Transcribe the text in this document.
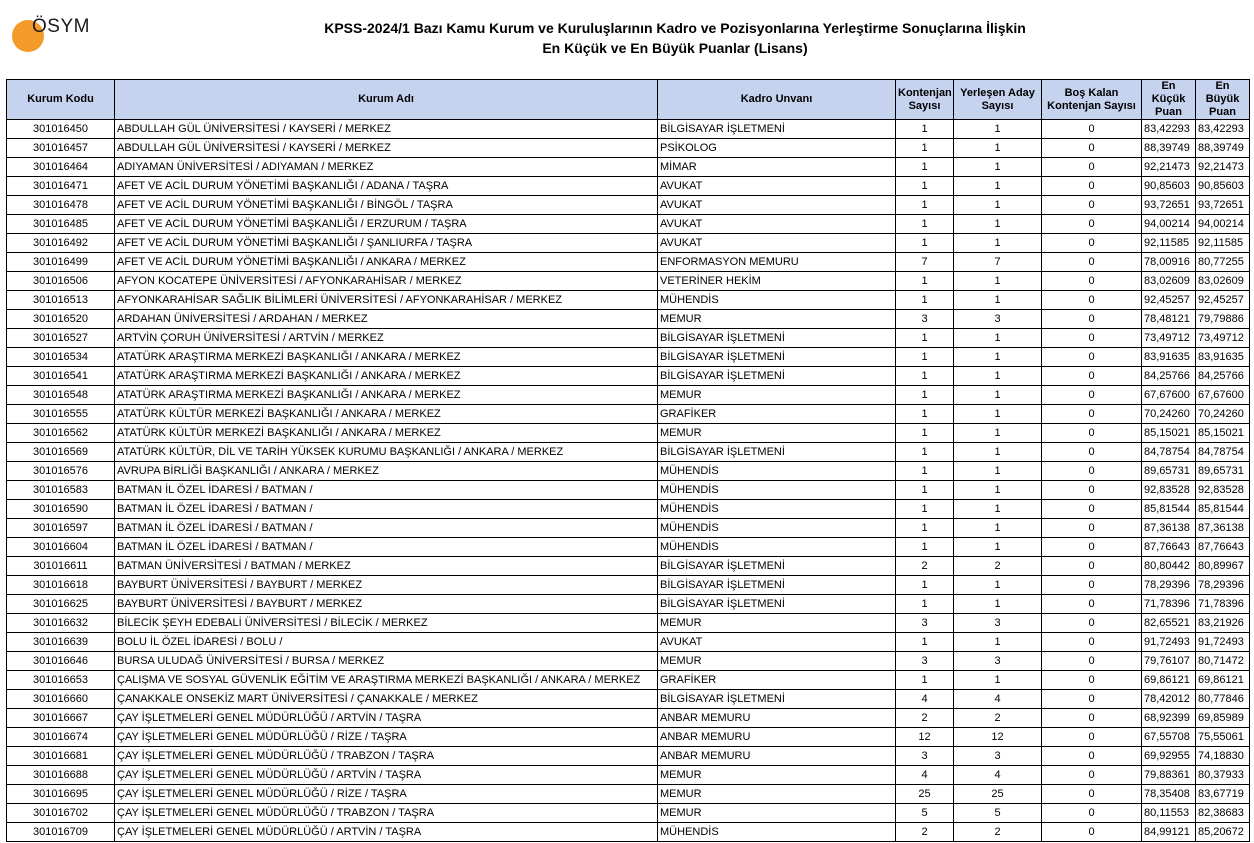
ÖSYM	KPSS-2024/1 Bazı Kamu Kurum ve Kuruluşlarının Kadro ve Pozisyonlarına Yerleştirme Sonuçlarına İlişkin
En Küçük ve En Büyük Puanlar (Lisans)
Kurum Kodu	Kurum Adı	Kadro Unvanı	Kontenjan Sayısı	Yerleşen Aday Sayısı	Boş Kalan Kontenjan Sayısı	En Küçük Puan	En Büyük Puan
301016450	ABDULLAH GÜL ÜNİVERSİTESİ / KAYSERİ / MERKEZ	BİLGİSAYAR İŞLETMENİ	1	1	0	83,42293	83,42293
301016457	ABDULLAH GÜL ÜNİVERSİTESİ / KAYSERİ / MERKEZ	PSİKOLOG	1	1	0	88,39749	88,39749
301016464	ADIYAMAN ÜNİVERSİTESİ / ADIYAMAN / MERKEZ	MİMAR	1	1	0	92,21473	92,21473
301016471	AFET VE ACİL DURUM YÖNETİMİ BAŞKANLIĞI / ADANA / TAŞRA	AVUKAT	1	1	0	90,85603	90,85603
301016478	AFET VE ACİL DURUM YÖNETİMİ BAŞKANLIĞI / BİNGÖL / TAŞRA	AVUKAT	1	1	0	93,72651	93,72651
301016485	AFET VE ACİL DURUM YÖNETİMİ BAŞKANLIĞI / ERZURUM / TAŞRA	AVUKAT	1	1	0	94,00214	94,00214
301016492	AFET VE ACİL DURUM YÖNETİMİ BAŞKANLIĞI / ŞANLIURFA / TAŞRA	AVUKAT	1	1	0	92,11585	92,11585
301016499	AFET VE ACİL DURUM YÖNETİMİ BAŞKANLIĞI / ANKARA / MERKEZ	ENFORMASYON MEMURU	7	7	0	78,00916	80,77255
301016506	AFYON KOCATEPE ÜNİVERSİTESİ / AFYONKARAHİSAR / MERKEZ	VETERİNER HEKİM	1	1	0	83,02609	83,02609
301016513	AFYONKARAHİSAR SAĞLIK BİLİMLERİ ÜNİVERSİTESİ / AFYONKARAHİSAR / MERKEZ	MÜHENDİS	1	1	0	92,45257	92,45257
301016520	ARDAHAN ÜNİVERSİTESİ / ARDAHAN / MERKEZ	MEMUR	3	3	0	78,48121	79,79886
301016527	ARTVİN ÇORUH ÜNİVERSİTESİ / ARTVİN / MERKEZ	BİLGİSAYAR İŞLETMENİ	1	1	0	73,49712	73,49712
301016534	ATATÜRK ARAŞTIRMA MERKEZİ BAŞKANLIĞI / ANKARA / MERKEZ	BİLGİSAYAR İŞLETMENİ	1	1	0	83,91635	83,91635
301016541	ATATÜRK ARAŞTIRMA MERKEZİ BAŞKANLIĞI / ANKARA / MERKEZ	BİLGİSAYAR İŞLETMENİ	1	1	0	84,25766	84,25766
301016548	ATATÜRK ARAŞTIRMA MERKEZİ BAŞKANLIĞI / ANKARA / MERKEZ	MEMUR	1	1	0	67,67600	67,67600
301016555	ATATÜRK KÜLTÜR MERKEZİ BAŞKANLIĞI / ANKARA / MERKEZ	GRAFİKER	1	1	0	70,24260	70,24260
301016562	ATATÜRK KÜLTÜR MERKEZİ BAŞKANLIĞI / ANKARA / MERKEZ	MEMUR	1	1	0	85,15021	85,15021
301016569	ATATÜRK KÜLTÜR, DİL VE TARİH YÜKSEK KURUMU BAŞKANLIĞI / ANKARA / MERKEZ	BİLGİSAYAR İŞLETMENİ	1	1	0	84,78754	84,78754
301016576	AVRUPA BİRLİĞİ BAŞKANLIĞI / ANKARA / MERKEZ	MÜHENDİS	1	1	0	89,65731	89,65731
301016583	BATMAN İL ÖZEL İDARESİ / BATMAN /	MÜHENDİS	1	1	0	92,83528	92,83528
301016590	BATMAN İL ÖZEL İDARESİ / BATMAN /	MÜHENDİS	1	1	0	85,81544	85,81544
301016597	BATMAN İL ÖZEL İDARESİ / BATMAN /	MÜHENDİS	1	1	0	87,36138	87,36138
301016604	BATMAN İL ÖZEL İDARESİ / BATMAN /	MÜHENDİS	1	1	0	87,76643	87,76643
301016611	BATMAN ÜNİVERSİTESİ / BATMAN / MERKEZ	BİLGİSAYAR İŞLETMENİ	2	2	0	80,80442	80,89967
301016618	BAYBURT ÜNİVERSİTESİ / BAYBURT / MERKEZ	BİLGİSAYAR İŞLETMENİ	1	1	0	78,29396	78,29396
301016625	BAYBURT ÜNİVERSİTESİ / BAYBURT / MERKEZ	BİLGİSAYAR İŞLETMENİ	1	1	0	71,78396	71,78396
301016632	BİLECİK ŞEYH EDEBALİ ÜNİVERSİTESİ / BİLECİK / MERKEZ	MEMUR	3	3	0	82,65521	83,21926
301016639	BOLU İL ÖZEL İDARESİ / BOLU /	AVUKAT	1	1	0	91,72493	91,72493
301016646	BURSA ULUDAĞ ÜNİVERSİTESİ / BURSA / MERKEZ	MEMUR	3	3	0	79,76107	80,71472
301016653	ÇALIŞMA VE SOSYAL GÜVENLİK EĞİTİM VE ARAŞTIRMA MERKEZİ BAŞKANLIĞI / ANKARA / MERKEZ	GRAFİKER	1	1	0	69,86121	69,86121
301016660	ÇANAKKALE ONSEKİZ MART ÜNİVERSİTESİ / ÇANAKKALE / MERKEZ	BİLGİSAYAR İŞLETMENİ	4	4	0	78,42012	80,77846
301016667	ÇAY İŞLETMELERİ GENEL MÜDÜRLÜĞÜ / ARTVİN / TAŞRA	ANBAR MEMURU	2	2	0	68,92399	69,85989
301016674	ÇAY İŞLETMELERİ GENEL MÜDÜRLÜĞÜ / RİZE / TAŞRA	ANBAR MEMURU	12	12	0	67,55708	75,55061
301016681	ÇAY İŞLETMELERİ GENEL MÜDÜRLÜĞÜ / TRABZON / TAŞRA	ANBAR MEMURU	3	3	0	69,92955	74,18830
301016688	ÇAY İŞLETMELERİ GENEL MÜDÜRLÜĞÜ / ARTVİN / TAŞRA	MEMUR	4	4	0	79,88361	80,37933
301016695	ÇAY İŞLETMELERİ GENEL MÜDÜRLÜĞÜ / RİZE / TAŞRA	MEMUR	25	25	0	78,35408	83,67719
301016702	ÇAY İŞLETMELERİ GENEL MÜDÜRLÜĞÜ / TRABZON / TAŞRA	MEMUR	5	5	0	80,11553	82,38683
301016709	ÇAY İŞLETMELERİ GENEL MÜDÜRLÜĞÜ / ARTVİN / TAŞRA	MÜHENDİS	2	2	0	84,99121	85,20672
